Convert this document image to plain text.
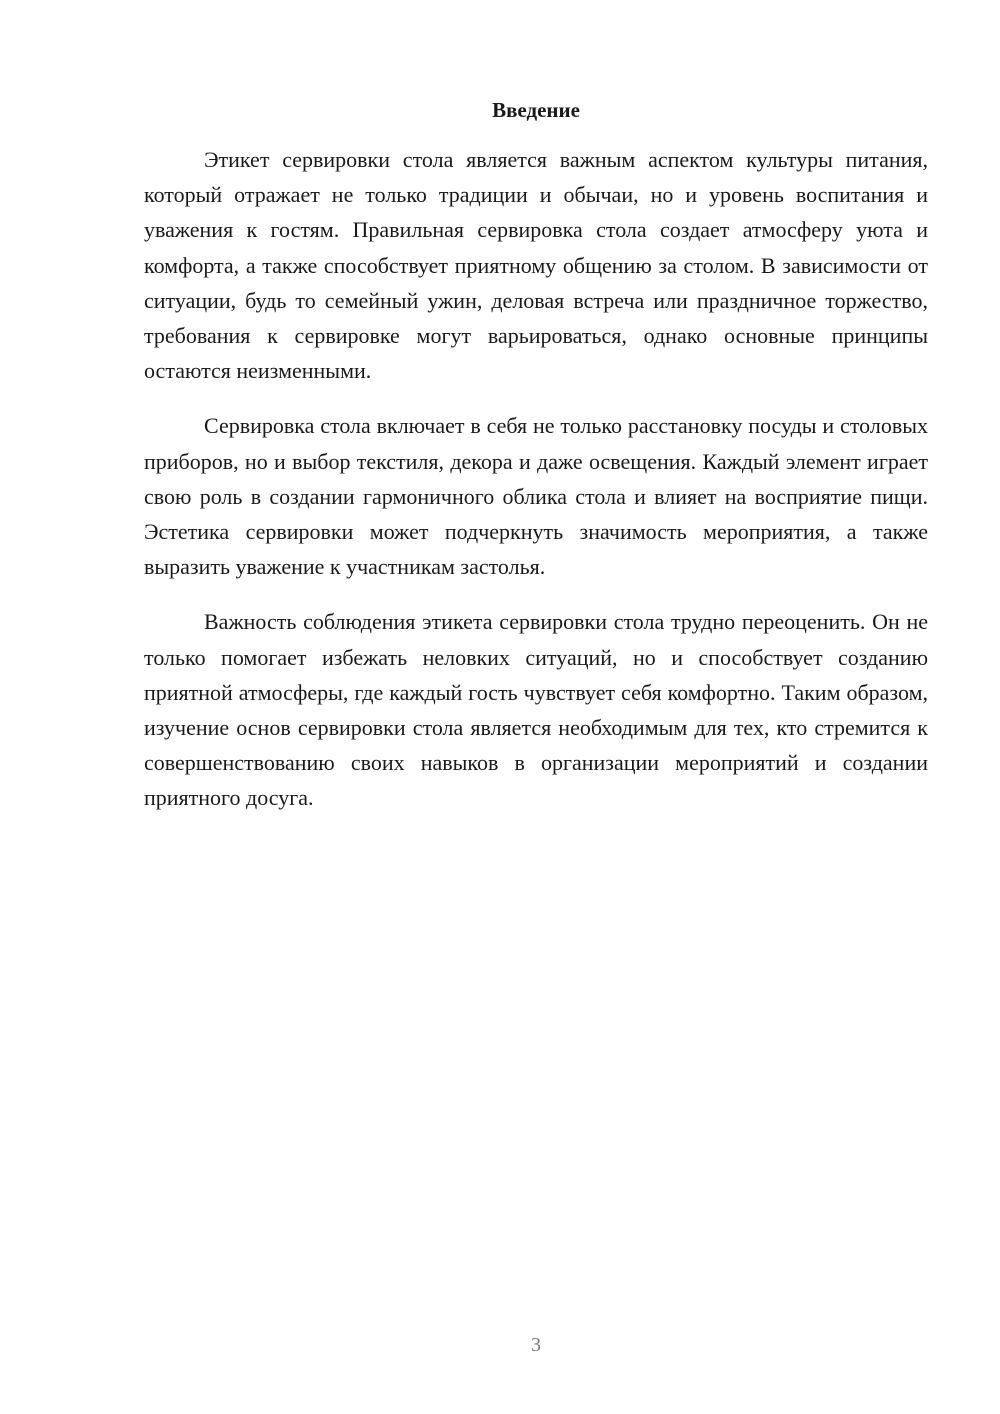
Введение

Этикет сервировки стола является важным аспектом культуры питания, который отражает не только традиции и обычаи, но и уровень воспитания и уважения к гостям. Правильная сервировка стола создает атмосферу уюта и комфорта, а также способствует приятному общению за столом. В зависимости от ситуации, будь то семейный ужин, деловая встреча или праздничное торжество, требования к сервировке могут варьироваться, однако основные принципы остаются неизменными.

Сервировка стола включает в себя не только расстановку посуды и столовых приборов, но и выбор текстиля, декора и даже освещения. Каждый элемент играет свою роль в создании гармоничного облика стола и влияет на восприятие пищи. Эстетика сервировки может подчеркнуть значимость мероприятия, а также выразить уважение к участникам застолья.

Важность соблюдения этикета сервировки стола трудно переоценить. Он не только помогает избежать неловких ситуаций, но и способствует созданию приятной атмосферы, где каждый гость чувствует себя комфортно. Таким образом, изучение основ сервировки стола является необходимым для тех, кто стремится к совершенствованию своих навыков в организации мероприятий и создании приятного досуга.

3
